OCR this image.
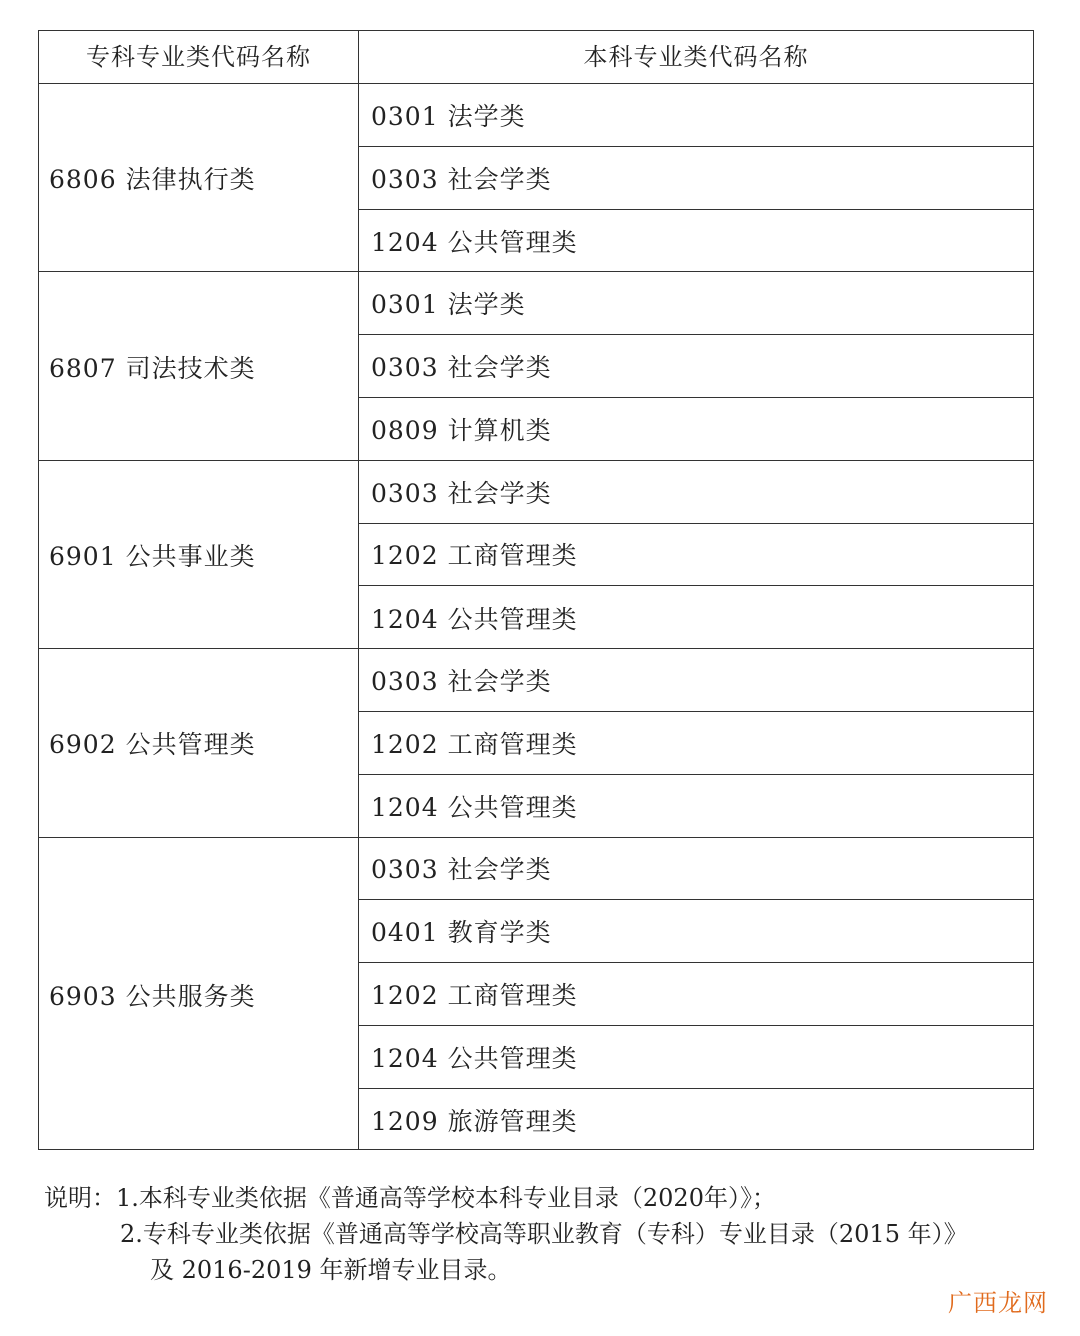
专科专业类代码名称	本科专业类代码名称
6806 法律执行类
0301 法学类
0303 社会学类
1204 公共管理类
6807 司法技术类
0301 法学类
0303 社会学类
0809 计算机类
6901 公共事业类
0303 社会学类
1202 工商管理类
1204 公共管理类
6902 公共管理类
0303 社会学类
1202 工商管理类
1204 公共管理类
6903 公共服务类
0303 社会学类
0401 教育学类
1202 工商管理类
1204 公共管理类
1209 旅游管理类
说明：1.本科专业类依据《普通高等学校本科专业目录（2020年）》；
2.专科专业类依据《普通高等学校高等职业教育（专科）专业目录（2015 年）》
及 2016-2019 年新增专业目录。
广西龙网
